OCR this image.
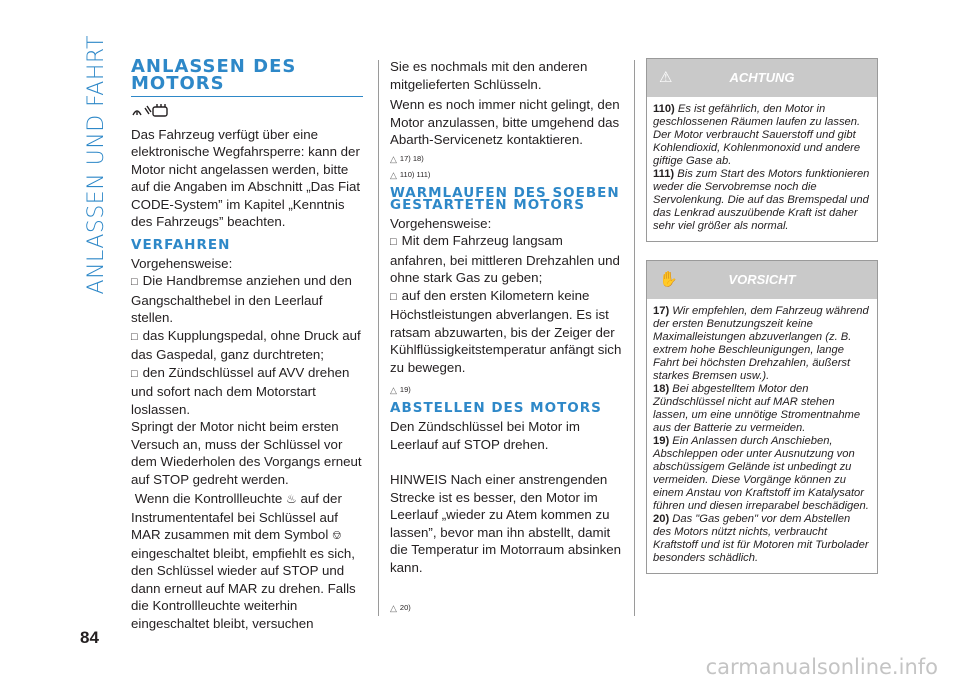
ANLASSEN UND FAHRT
84
carmanualsonline.info
ANLASSEN DES MOTORS

Das Fahrzeug verfügt über eine elektronische Wegfahrsperre: kann der Motor nicht angelassen werden, bitte auf die Angaben im Abschnitt „Das Fiat CODE-System” im Kapitel „Kenntnis des Fahrzeugs” beachten.

VERFAHREN

Vorgehensweise:

□ Die Handbremse anziehen und den Gangschalthebel in den Leerlauf stellen.

□ das Kupplungspedal, ohne Druck auf das Gaspedal, ganz durchtreten;

□ den Zündschlüssel auf AVV drehen und sofort nach dem Motorstart loslassen.

Springt der Motor nicht beim ersten Versuch an, muss der Schlüssel vor dem Wiederholen des Vorgangs erneut auf STOP gedreht werden.

Wenn die Kontrollleuchte ♨ auf der Instrumententafel bei Schlüssel auf MAR zusammen mit dem Symbol ⎊ eingeschaltet bleibt, empfiehlt es sich, den Schlüssel wieder auf STOP und dann erneut auf MAR zu drehen. Falls die Kontrollleuchte weiterhin eingeschaltet bleibt, versuchen

Sie es nochmals mit den anderen mitgelieferten Schlüsseln.

Wenn es noch immer nicht gelingt, den Motor anzulassen, bitte umgehend das Abarth-Servicenetz kontaktieren.

△ 17) 18)
△ 110) 111)
WARMLAUFEN DES SOEBEN GESTARTETEN MOTORS

Vorgehensweise:

□ Mit dem Fahrzeug langsam anfahren, bei mittleren Drehzahlen und ohne stark Gas zu geben;

□ auf den ersten Kilometern keine Höchstleistungen abverlangen. Es ist ratsam abzuwarten, bis der Zeiger der Kühlflüssigkeitstemperatur anfängt sich zu bewegen.

△ 19)
ABSTELLEN DES MOTORS

Den Zündschlüssel bei Motor im Leerlauf auf STOP drehen.

HINWEIS Nach einer anstrengenden Strecke ist es besser, den Motor im Leerlauf „wieder zu Atem kommen zu lassen”, bevor man ihn abstellt, damit die Temperatur im Motorraum absinken kann.

△ 20)
⚠	ACHTUNG

110) Es ist gefährlich, den Motor in geschlossenen Räumen laufen zu lassen. Der Motor verbraucht Sauerstoff und gibt Kohlendioxid, Kohlenmonoxid und andere giftige Gase ab.

111) Bis zum Start des Motors funktionieren weder die Servobremse noch die Servolenkung. Die auf das Bremspedal und das Lenkrad auszuübende Kraft ist daher sehr viel größer als normal.

✋	VORSICHT

17) Wir empfehlen, dem Fahrzeug während der ersten Benutzungszeit keine Maximalleistungen abzuverlangen (z. B. extrem hohe Beschleunigungen, lange Fahrt bei höchsten Drehzahlen, äußerst starkes Bremsen usw.).

18) Bei abgestelltem Motor den Zündschlüssel nicht auf MAR stehen lassen, um eine unnötige Stromentnahme aus der Batterie zu vermeiden.

19) Ein Anlassen durch Anschieben, Abschleppen oder unter Ausnutzung von abschüssigem Gelände ist unbedingt zu vermeiden. Diese Vorgänge können zu einem Anstau von Kraftstoff im Katalysator führen und diesen irreparabel beschädigen.

20) Das "Gas geben" vor dem Abstellen des Motors nützt nichts, verbraucht Kraftstoff und ist für Motoren mit Turbolader besonders schädlich.
